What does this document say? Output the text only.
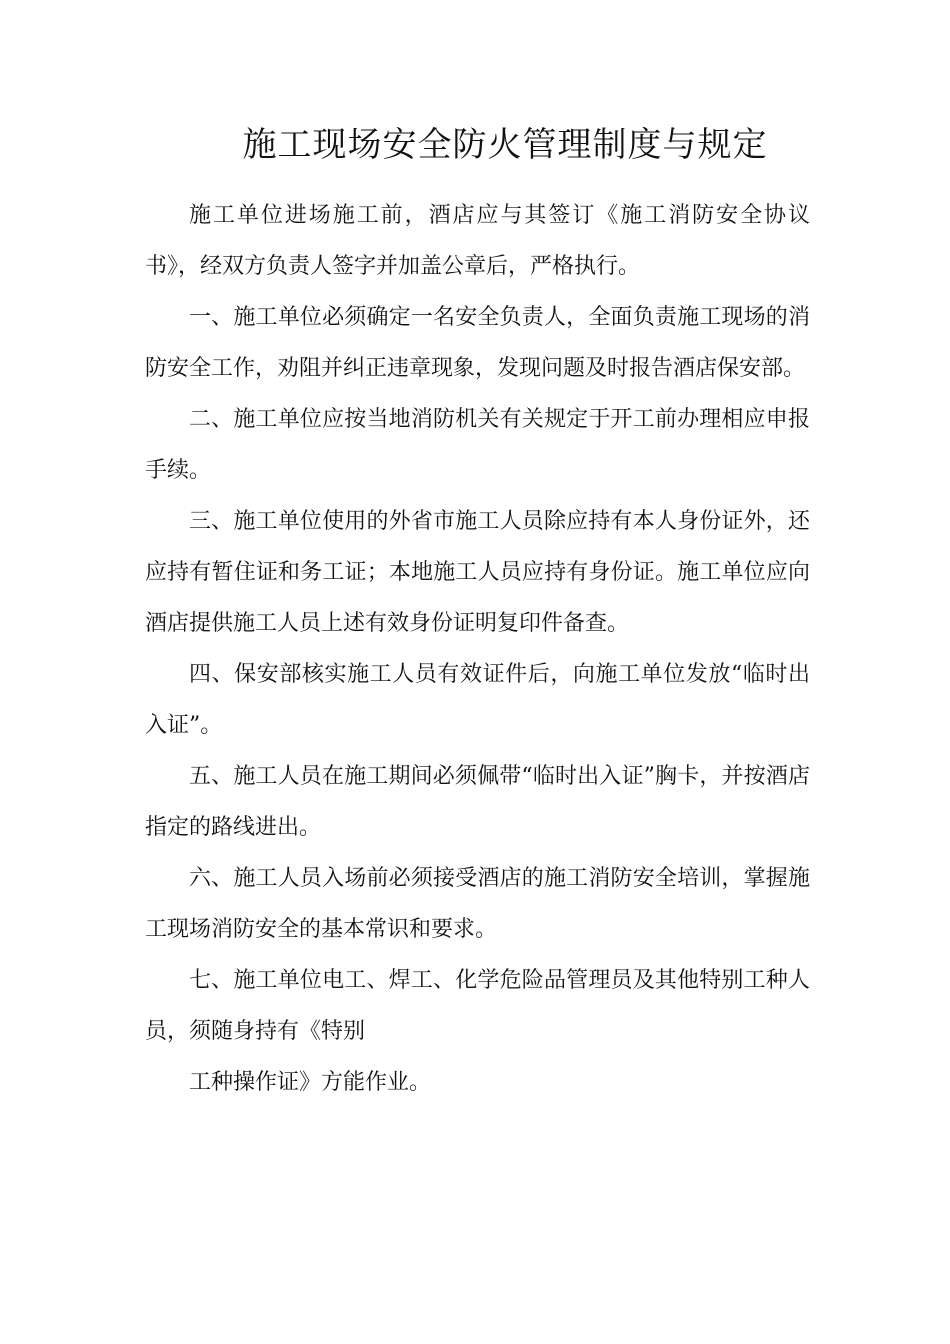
施工现场安全防火管理制度与规定

施工单位进场施工前，酒店应与其签订《施工消防安全协议书》，经双方负责人签字并加盖公章后，严格执行。

一、施工单位必须确定一名安全负责人，全面负责施工现场的消防安全工作，劝阻并纠正违章现象，发现问题及时报告酒店保安部。

二、施工单位应按当地消防机关有关规定于开工前办理相应申报手续。

三、施工单位使用的外省市施工人员除应持有本人身份证外，还应持有暂住证和务工证；本地施工人员应持有身份证。施工单位应向酒店提供施工人员上述有效身份证明复印件备查。

四、保安部核实施工人员有效证件后，向施工单位发放“临时出入证”。

五、施工人员在施工期间必须佩带“临时出入证”胸卡，并按酒店指定的路线进出。

六、施工人员入场前必须接受酒店的施工消防安全培训，掌握施工现场消防安全的基本常识和要求。

七、施工单位电工、焊工、化学危险品管理员及其他特别工种人员，须随身持有《特别

工种操作证》方能作业。
